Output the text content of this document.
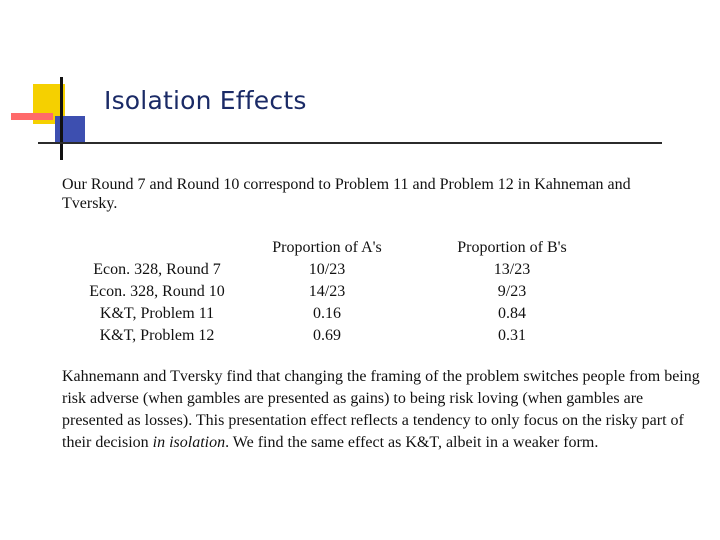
Isolation Effects

Our Round 7 and Round 10 correspond to Problem 11 and Problem 12 in Kahneman and Tversky.

	Proportion of A's	Proportion of B's
Econ. 328, Round 7	10/23	13/23
Econ. 328, Round 10	14/23	9/23
K&T, Problem 11	0.16	0.84
K&T, Problem 12	0.69	0.31

Kahnemann and Tversky find that changing the framing of the problem switches people from being risk adverse (when gambles are presented as gains) to being risk loving (when gambles are presented as losses). This presentation effect reflects a tendency to only focus on the risky part of their decision in isolation. We find the same effect as K&T, albeit in a weaker form.
